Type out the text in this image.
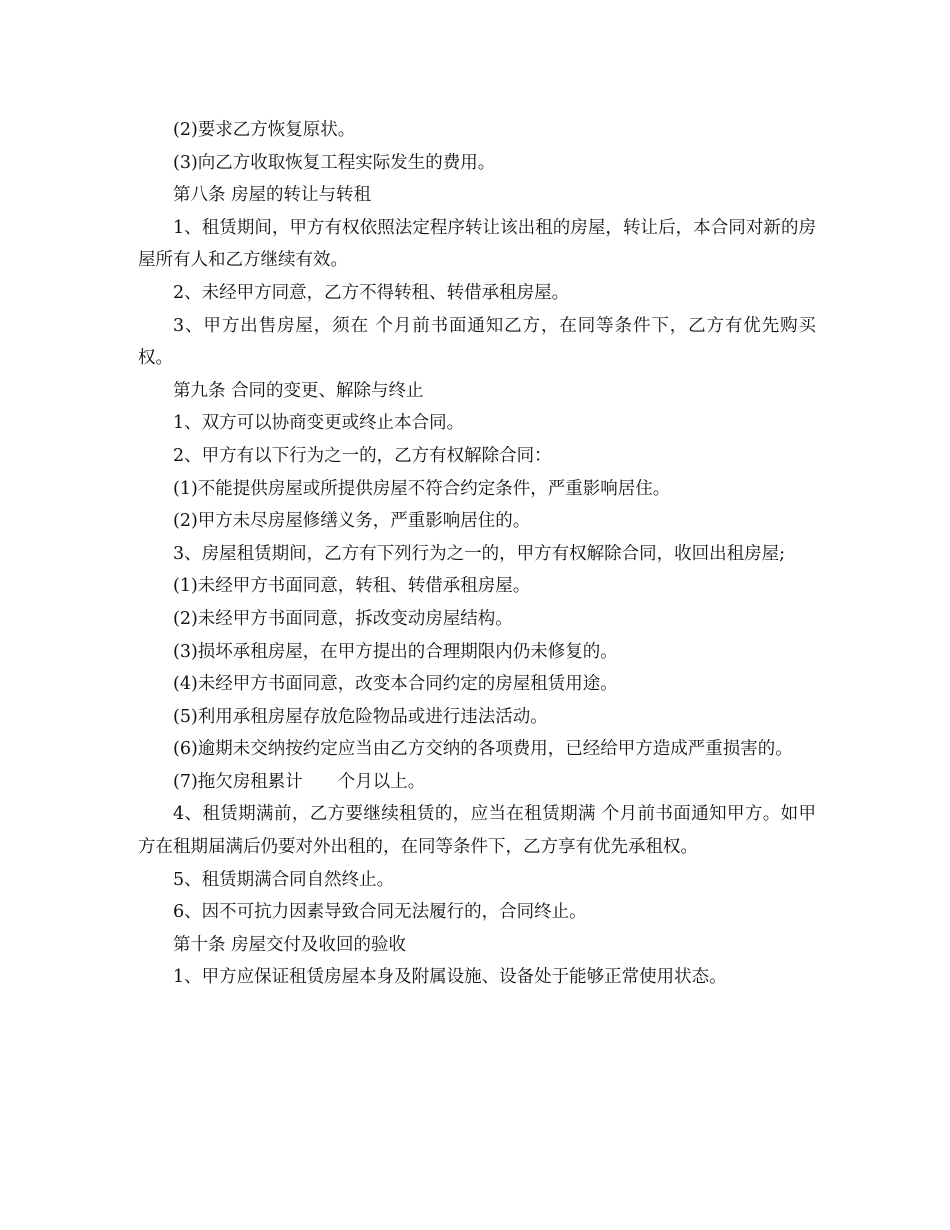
(2)要求乙方恢复原状。

(3)向乙方收取恢复工程实际发生的费用。

第八条 房屋的转让与转租

1、租赁期间，甲方有权依照法定程序转让该出租的房屋，转让后，本合同对新的房屋所有人和乙方继续有效。

2、未经甲方同意，乙方不得转租、转借承租房屋。

3、甲方出售房屋，须在 个月前书面通知乙方，在同等条件下，乙方有优先购买权。

第九条 合同的变更、解除与终止

1、双方可以协商变更或终止本合同。

2、甲方有以下行为之一的，乙方有权解除合同：

(1)不能提供房屋或所提供房屋不符合约定条件，严重影响居住。

(2)甲方未尽房屋修缮义务，严重影响居住的。

3、房屋租赁期间，乙方有下列行为之一的，甲方有权解除合同，收回出租房屋;

(1)未经甲方书面同意，转租、转借承租房屋。

(2)未经甲方书面同意，拆改变动房屋结构。

(3)损坏承租房屋，在甲方提出的合理期限内仍未修复的。

(4)未经甲方书面同意，改变本合同约定的房屋租赁用途。

(5)利用承租房屋存放危险物品或进行违法活动。

(6)逾期未交纳按约定应当由乙方交纳的各项费用，已经给甲方造成严重损害的。

(7)拖欠房租累计　　个月以上。

4、租赁期满前，乙方要继续租赁的，应当在租赁期满 个月前书面通知甲方。如甲方在租期届满后仍要对外出租的，在同等条件下，乙方享有优先承租权。

5、租赁期满合同自然终止。

6、因不可抗力因素导致合同无法履行的，合同终止。

第十条 房屋交付及收回的验收

1、甲方应保证租赁房屋本身及附属设施、设备处于能够正常使用状态。
